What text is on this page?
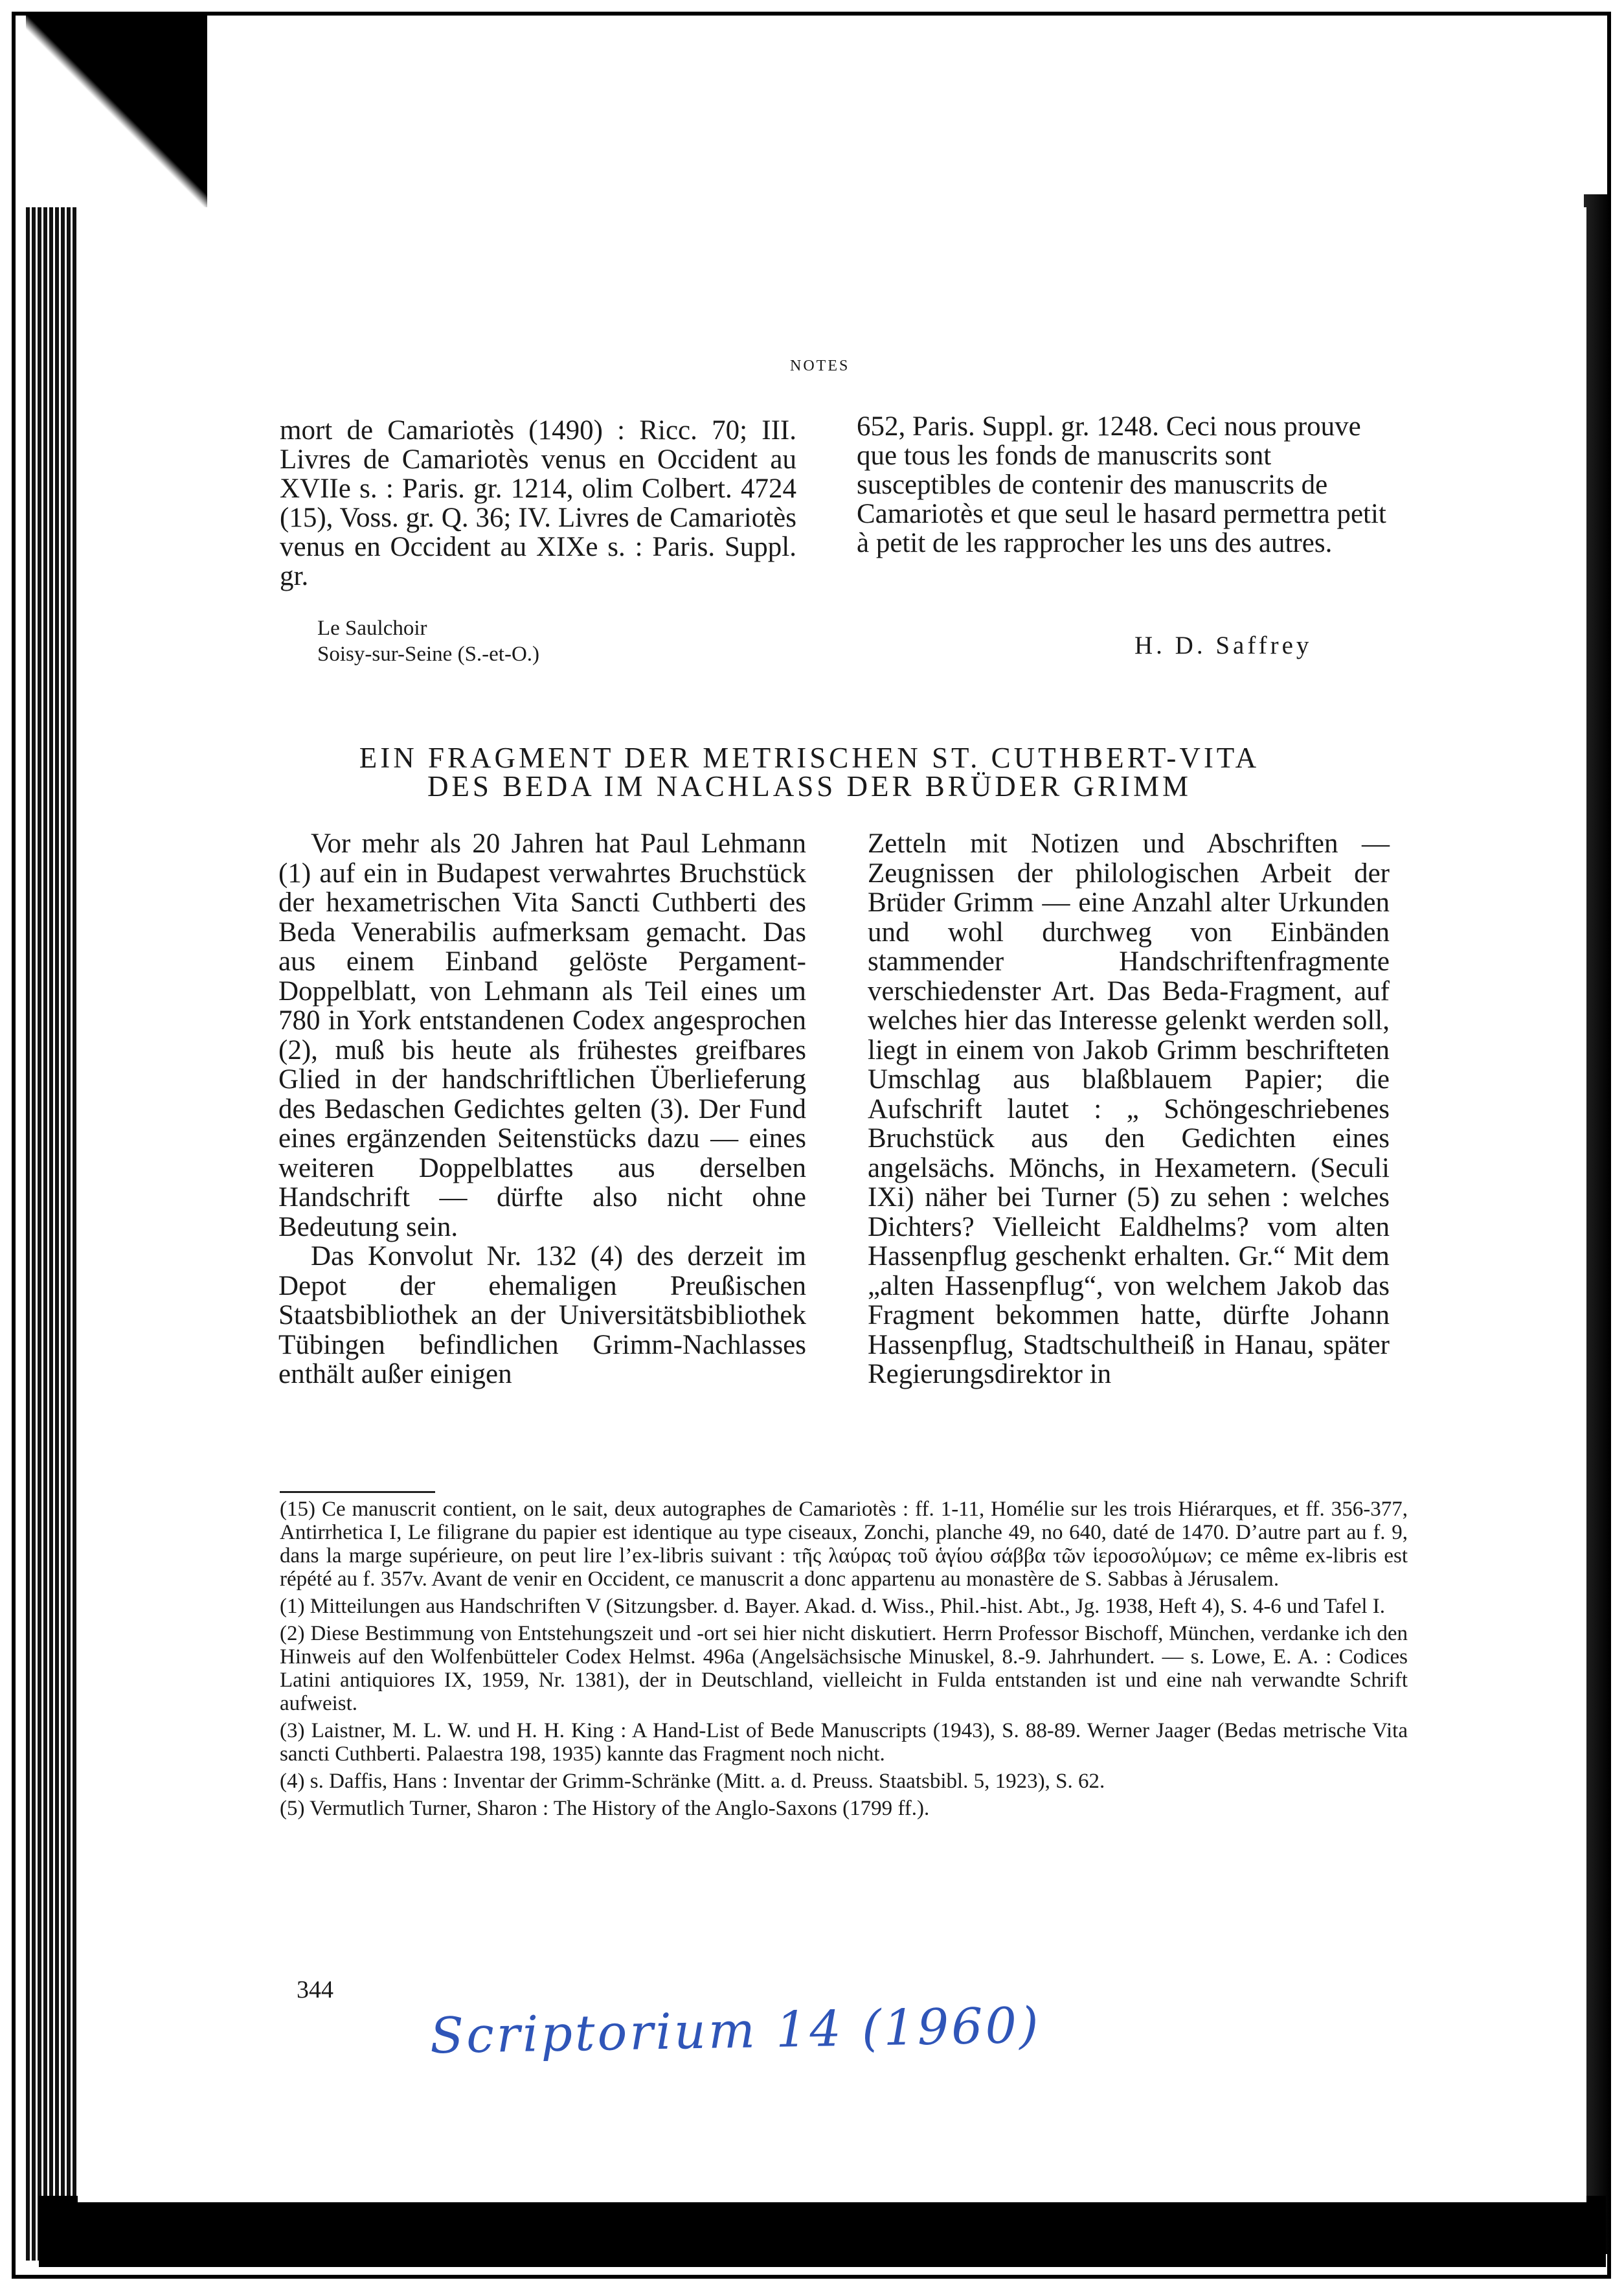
NOTES

mort de Camariotès (1490) : Ricc. 70; III. Livres de Camariotès venus en Occident au XVIIe s. : Paris. gr. 1214, olim Colbert. 4724 (15), Voss. gr. Q. 36; IV. Livres de Camariotès venus en Occident au XIXe s. : Paris. Suppl. gr.

652, Paris. Suppl. gr. 1248. Ceci nous prouve que tous les fonds de manuscrits sont susceptibles de contenir des manuscrits de Camariotès et que seul le hasard permettra petit à petit de les rapprocher les uns des autres.

Le Saulchoir
Soisy-sur-Seine (S.-et-O.)	H. D. Saffrey
EIN FRAGMENT DER METRISCHEN ST. CUTHBERT-VITA
DES BEDA IM NACHLASS DER BRÜDER GRIMM

Vor mehr als 20 Jahren hat Paul Lehmann (1) auf ein in Budapest verwahrtes Bruchstück der hexametrischen Vita Sancti Cuthberti des Beda Venerabilis aufmerksam gemacht. Das aus einem Einband gelöste Pergament-Doppelblatt, von Lehmann als Teil eines um 780 in York entstandenen Codex angesprochen (2), muß bis heute als frühestes greifbares Glied in der handschriftlichen Überlieferung des Bedaschen Gedichtes gelten (3). Der Fund eines ergänzenden Seitenstücks dazu — eines weiteren Doppelblattes aus derselben Handschrift — dürfte also nicht ohne Bedeutung sein.

Das Konvolut Nr. 132 (4) des derzeit im Depot der ehemaligen Preußischen Staatsbibliothek an der Universitätsbibliothek Tübingen befindlichen Grimm-Nachlasses enthält außer einigen

Zetteln mit Notizen und Abschriften — Zeugnissen der philologischen Arbeit der Brüder Grimm — eine Anzahl alter Urkunden und wohl durchweg von Einbänden stammender Handschriftenfragmente verschiedenster Art. Das Beda-Fragment, auf welches hier das Interesse gelenkt werden soll, liegt in einem von Jakob Grimm beschrifteten Umschlag aus blaßblauem Papier; die Aufschrift lautet : „ Schöngeschriebenes Bruchstück aus den Gedichten eines angelsächs. Mönchs, in Hexametern. (Seculi IXi) näher bei Turner (5) zu sehen : welches Dichters? Vielleicht Ealdhelms? vom alten Hassenpflug geschenkt erhalten. Gr.“ Mit dem „alten Hassenpflug“, von welchem Jakob das Fragment bekommen hatte, dürfte Johann Hassenpflug, Stadtschultheiß in Hanau, später Regierungsdirektor in

(15) Ce manuscrit contient, on le sait, deux autographes de Camariotès : ff. 1-11, Homélie sur les trois Hiérarques, et ff. 356-377, Antirrhetica I, Le filigrane du papier est identique au type ciseaux, Zonchi, planche 49, no 640, daté de 1470. D’autre part au f. 9, dans la marge supérieure, on peut lire l’ex-libris suivant : τῆς λαύρας τοῦ ἁγίου σάββα τῶν ἱεροσολύμων; ce même ex-libris est répété au f. 357v. Avant de venir en Occident, ce manuscrit a donc appartenu au monastère de S. Sabbas à Jérusalem.

(1) Mitteilungen aus Handschriften V (Sitzungsber. d. Bayer. Akad. d. Wiss., Phil.-hist. Abt., Jg. 1938, Heft 4), S. 4-6 und Tafel I.

(2) Diese Bestimmung von Entstehungszeit und -ort sei hier nicht diskutiert. Herrn Professor Bischoff, München, verdanke ich den Hinweis auf den Wolfenbütteler Codex Helmst. 496a (Angelsächsische Minuskel, 8.-9. Jahrhundert. — s. Lowe, E. A. : Codices Latini antiquiores IX, 1959, Nr. 1381), der in Deutschland, vielleicht in Fulda entstanden ist und eine nah verwandte Schrift aufweist.

(3) Laistner, M. L. W. und H. H. King : A Hand-List of Bede Manuscripts (1943), S. 88-89. Werner Jaager (Bedas metrische Vita sancti Cuthberti. Palaestra 198, 1935) kannte das Fragment noch nicht.

(4) s. Daffis, Hans : Inventar der Grimm-Schränke (Mitt. a. d. Preuss. Staatsbibl. 5, 1923), S. 62.

(5) Vermutlich Turner, Sharon : The History of the Anglo-Saxons (1799 ff.).

344
Scriptorium 14 (1960)
